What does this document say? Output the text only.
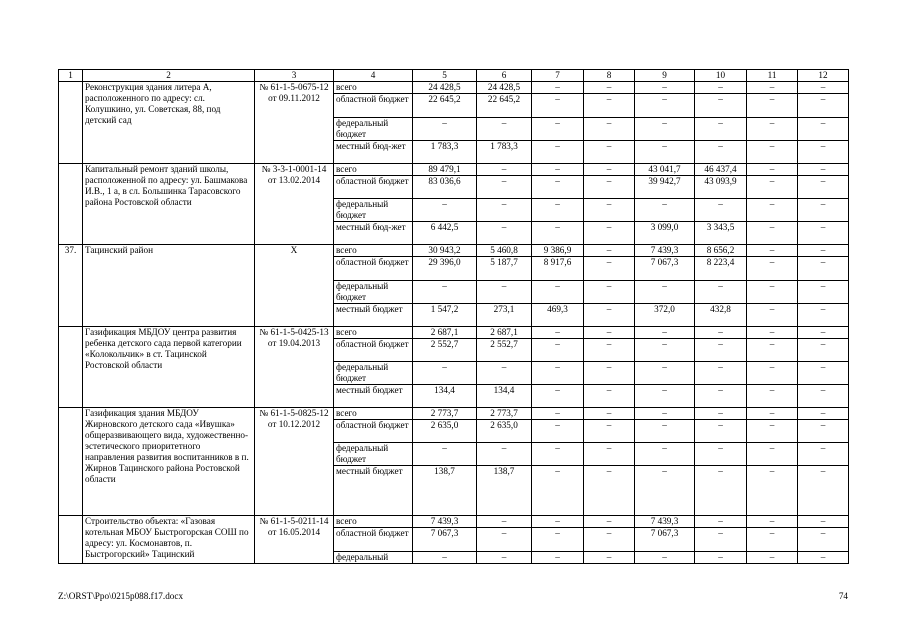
1	2	3	4	5	6	7	8	9	10	11	12
	Реконструкция здания литера А, расположенного по адресу: сл. Колушкино, ул. Советская, 88, под детский сад	№ 61-1-5-0675-12 от 09.11.2012	всего	24 428,5	24 428,5	–	–	–	–	–	–
			областной бюджет	22 645,2	22 645,2	–	–	–	–	–	–
			федеральный бюджет	–	–	–	–	–	–	–	–
			местный бюд-жет	1 783,3	1 783,3	–	–	–	–	–	–
	Капитальный ремонт зданий школы, расположенной по адресу: ул. Башмакова И.В., 1 а, в сл. Большинка Тарасовского района Ростовской области	№ 3-3-1-0001-14 от 13.02.2014	всего	89 479,1	–	–	–	43 041,7	46 437,4	–	–
			областной бюджет	83 036,6	–	–	–	39 942,7	43 093,9	–	–
			федеральный бюджет	–	–	–	–	–	–	–	–
			местный бюд-жет	6 442,5	–	–	–	3 099,0	3 343,5	–	–
37.	Тацинский район	X	всего	30 943,2	5 460,8	9 386,9	–	7 439,3	8 656,2	–	–
			областной бюджет	29 396,0	5 187,7	8 917,6	–	7 067,3	8 223,4	–	–
			федеральный бюджет	–	–	–	–	–	–	–	–
			местный бюджет	1 547,2	273,1	469,3	–	372,0	432,8	–	–
	Газификация МБДОУ центра развития ребенка детского сада первой категории «Колокольчик» в ст. Тацинской Ростовской области	№ 61-1-5-0425-13 от 19.04.2013	всего	2 687,1	2 687,1	–	–	–	–	–	–
			областной бюджет	2 552,7	2 552,7	–	–	–	–	–	–
			федеральный бюджет	–	–	–	–	–	–	–	–
			местный бюджет	134,4	134,4	–	–	–	–	–	–
	Газификация здания МБДОУ Жирновского детского сада «Ивушка» общеразвивающего вида, художественно-эстетического приоритетного направления развития воспитанников в п. Жирнов Тацинского района Ростовской области	№ 61-1-5-0825-12 от 10.12.2012	всего	2 773,7	2 773,7	–	–	–	–	–	–
			областной бюджет	2 635,0	2 635,0	–	–	–	–	–	–
			федеральный бюджет	–	–	–	–	–	–	–	–
			местный бюджет	138,7	138,7	–	–	–	–	–	–
	Строительство объекта: «Газовая котельная МБОУ Быстрогорская СОШ по адресу: ул. Космонавтов, п. Быстрогорский» Тацинский	№ 61-1-5-0211-14 от 16.05.2014	всего	7 439,3	–	–	–	7 439,3	–	–	–
			областной бюджет	7 067,3	–	–	–	7 067,3	–	–	–
			федеральный	–	–	–	–	–	–	–	–
Z:\ORST\Ppo\0215p088.f17.docx	74
